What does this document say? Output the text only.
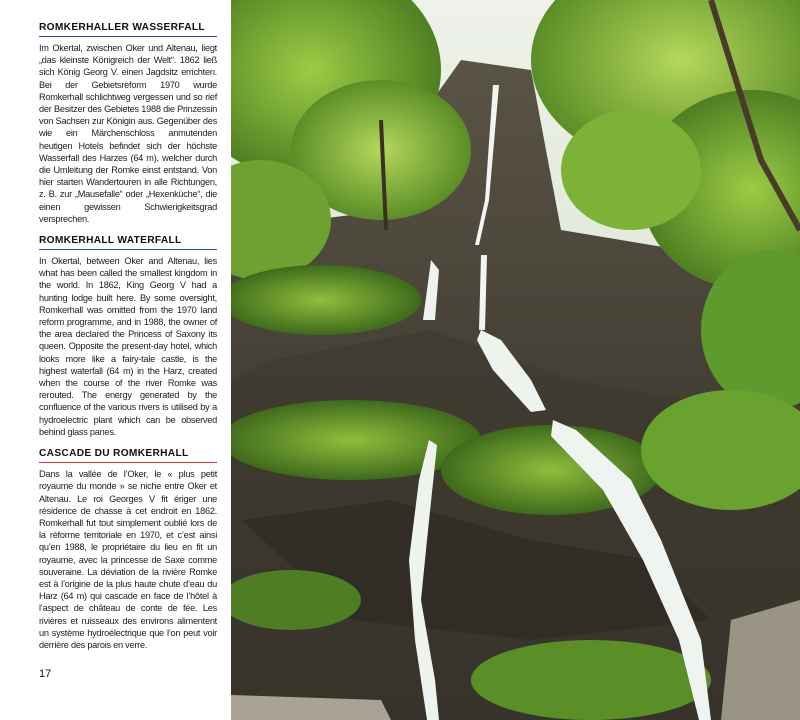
ROMKERHALLER WASSERFALL

Im Okertal, zwischen Oker und Altenau, liegt „das kleinste Königreich der Welt“. 1862 ließ sich König Georg V. einen Jagdsitz errichten. Bei der Gebietsreform 1970 wurde Romkerhall schlichtweg vergessen und so rief der Besitzer des Gebietes 1988 die Prinzessin von Sachsen zur Königin aus. Gegenüber des wie ein Märchenschloss anmutenden heutigen Hotels befindet sich der höchste Wasserfall des Harzes (64 m), welcher durch die Umleitung der Romke einst entstand. Von hier starten Wandertouren in alle Richtungen, z. B. zur „Mausefalle“ oder „Hexenküche“, die einen gewissen Schwierigkeitsgrad versprechen.

ROMKERHALL WATERFALL

In Okertal, between Oker and Altenau, lies what has been called the smallest kingdom in the world. In 1862, King Georg V had a hunting lodge built here. By some oversight, Romkerhall was omitted from the 1970 land reform programme, and in 1988, the owner of the area declared the Princess of Saxony its queen. Opposite the present-day hotel, which looks more like a fairy-tale castle, is the highest waterfall (64 m) in the Harz, created when the course of the river Romke was rerouted. The energy generated by the confluence of the various rivers is utilised by a hydroelectric plant which can be observed behind glass panes.

CASCADE DU ROMKERHALL

Dans la vallée de l’Oker, le « plus petit royaume du monde » se niche entre Oker et Altenau. Le roi Georges V fit ériger une résidence de chasse à cet endroit en 1862. Romkerhall fut tout simplement oublié lors de la réforme territoriale en 1970, et c’est ainsi qu’en 1988, le propriétaire du lieu en fit un royaume, avec la princesse de Saxe comme souveraine. La déviation de la rivière Romke est à l’origine de la plus haute chute d’eau du Harz (64 m) qui cascade en face de l’hôtel à l’aspect de château de conte de fée. Les rivières et ruisseaux des environs alimentent un système hydroélectrique que l’on peut voir derrière des parois en verre.

17
